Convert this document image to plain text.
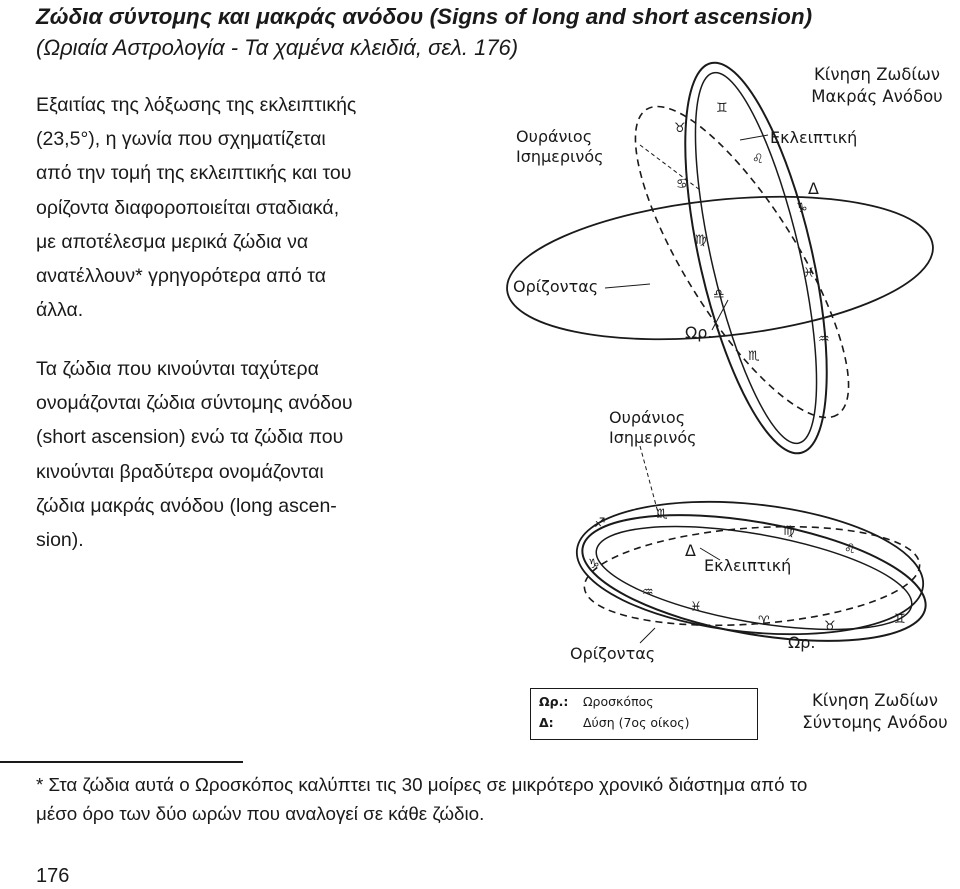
Ζώδια σύντομης και μακράς ανόδου (Signs of long and short ascension)
(Ωριαία Αστρολογία - Τα χαμένα κλειδιά, σελ. 176)
Εξαιτίας της λόξωσης της εκλειπτικής
(23,5°), η γωνία που σχηματίζεται
από την τομή της εκλειπτικής και του
ορίζοντα διαφοροποιείται σταδιακά,
με αποτέλεσμα μερικά ζώδια να
ανατέλλουν* γρηγορότερα από τα
άλλα.
Τα ζώδια που κινούνται ταχύτερα
ονομάζονται ζώδια σύντομης ανόδου
(short ascension) ενώ τα ζώδια που
κινούνται βραδύτερα ονομάζονται
ζώδια μακράς ανόδου (long ascen-
sion).
♊
♉
♋
♌
♍
♎
♏
♒
♓
♑
♐
♏
♍
♌
♑
♒
♓
♈	♉	♊
Κίνηση Ζωδίων
Μακράς Ανόδου
Ουράνιος
Ισημερινός
Εκλειπτική
Δ
Ορίζοντας
Ωρ.
Ουράνιος
Ισημερινός
Δ
Εκλειπτική
Ωρ.
Ορίζοντας
Ωρ.: Ωροσκόπος
Δ: Δύση (7ος οίκος)
Κίνηση Ζωδίων
Σύντομης Ανόδου
* Στα ζώδια αυτά ο Ωροσκόπος καλύπτει τις 30 μοίρες σε μικρότερο χρονικό διάστημα από το
μέσο όρο των δύο ωρών που αναλογεί σε κάθε ζώδιο.
176
